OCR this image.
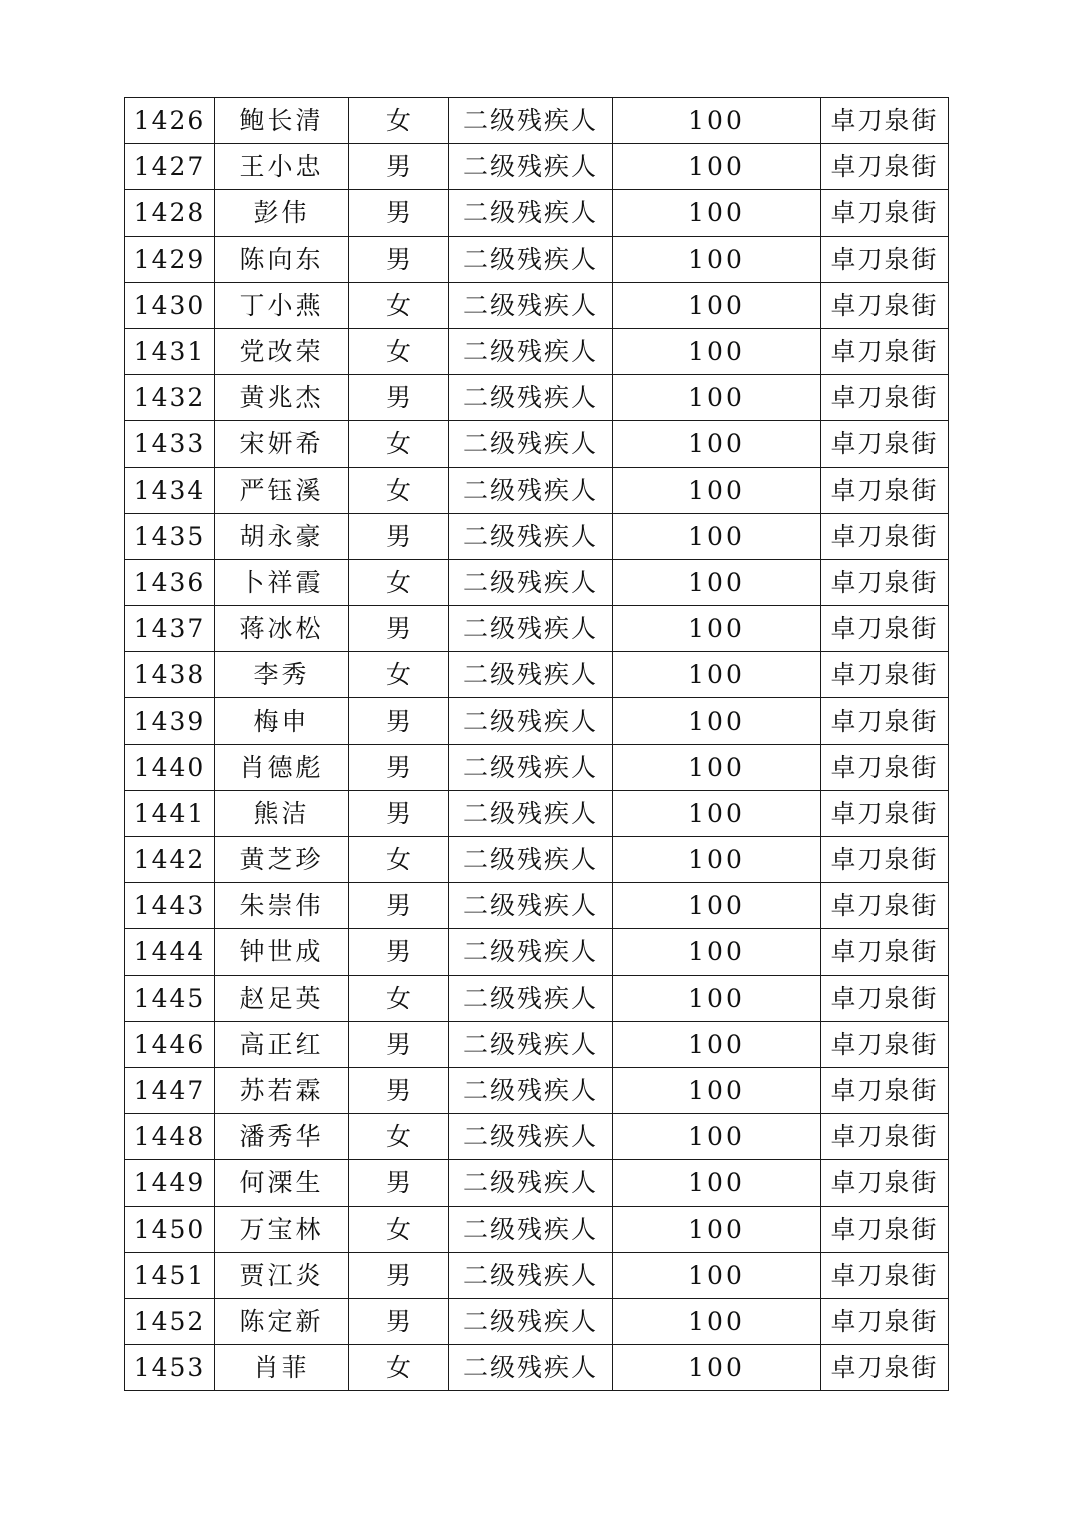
1426	鲍长清	女	二级残疾人	100	卓刀泉街
1427	王小忠	男	二级残疾人	100	卓刀泉街
1428	彭伟	男	二级残疾人	100	卓刀泉街
1429	陈向东	男	二级残疾人	100	卓刀泉街
1430	丁小燕	女	二级残疾人	100	卓刀泉街
1431	党改荣	女	二级残疾人	100	卓刀泉街
1432	黄兆杰	男	二级残疾人	100	卓刀泉街
1433	宋妍希	女	二级残疾人	100	卓刀泉街
1434	严钰溪	女	二级残疾人	100	卓刀泉街
1435	胡永豪	男	二级残疾人	100	卓刀泉街
1436	卜祥霞	女	二级残疾人	100	卓刀泉街
1437	蒋冰松	男	二级残疾人	100	卓刀泉街
1438	李秀	女	二级残疾人	100	卓刀泉街
1439	梅申	男	二级残疾人	100	卓刀泉街
1440	肖德彪	男	二级残疾人	100	卓刀泉街
1441	熊洁	男	二级残疾人	100	卓刀泉街
1442	黄芝珍	女	二级残疾人	100	卓刀泉街
1443	朱崇伟	男	二级残疾人	100	卓刀泉街
1444	钟世成	男	二级残疾人	100	卓刀泉街
1445	赵足英	女	二级残疾人	100	卓刀泉街
1446	高正红	男	二级残疾人	100	卓刀泉街
1447	苏若霖	男	二级残疾人	100	卓刀泉街
1448	潘秀华	女	二级残疾人	100	卓刀泉街
1449	何溧生	男	二级残疾人	100	卓刀泉街
1450	万宝林	女	二级残疾人	100	卓刀泉街
1451	贾江炎	男	二级残疾人	100	卓刀泉街
1452	陈定新	男	二级残疾人	100	卓刀泉街
1453	肖菲	女	二级残疾人	100	卓刀泉街
